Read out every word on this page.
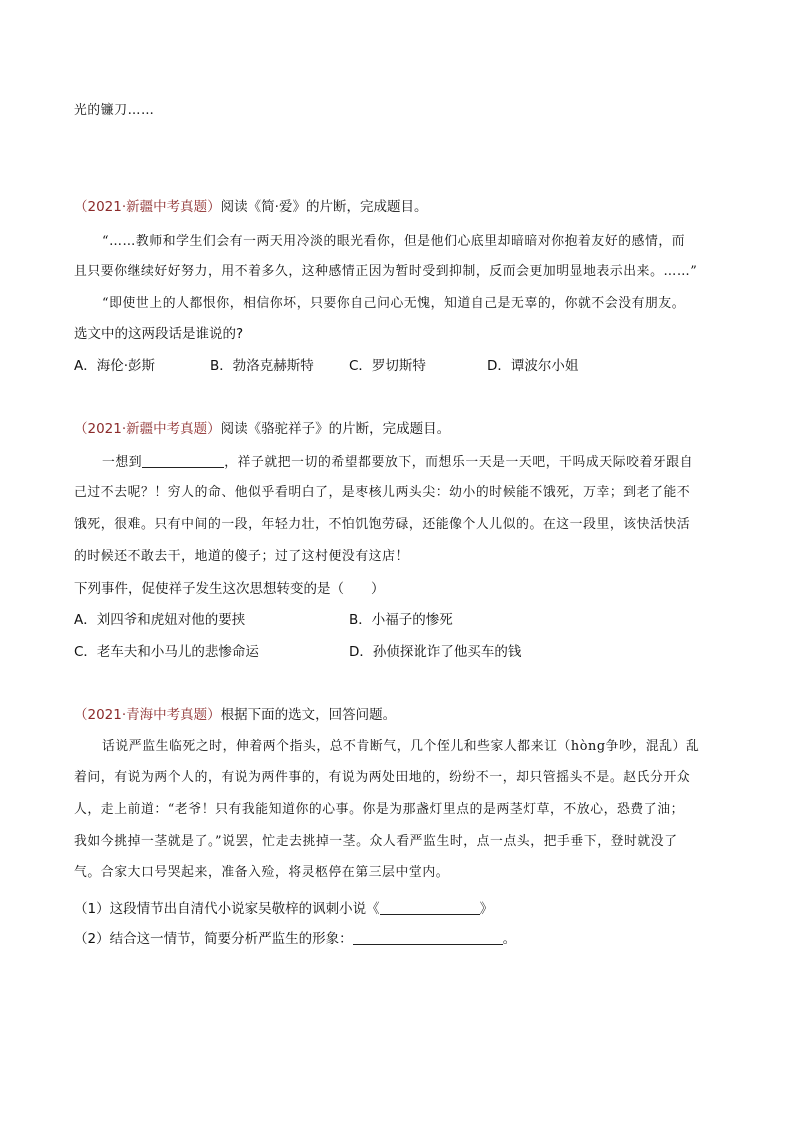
光的镰刀……
（2021·新疆中考真题）阅读《简·爱》的片断，完成题目。
“……教师和学生们会有一两天用冷淡的眼光看你，但是他们心底里却暗暗对你抱着友好的感情，而
且只要你继续好好努力，用不着多久，这种感情正因为暂时受到抑制，反而会更加明显地表示出来。……”
“即使世上的人都恨你，相信你坏，只要你自己问心无愧，知道自己是无辜的，你就不会没有朋友。
选文中的这两段话是谁说的?
A．海伦·彭斯	B．勃洛克赫斯特	C．罗切斯特	D．谭波尔小姐
（2021·新疆中考真题）阅读《骆驼祥子》的片断，完成题目。
一想到	，祥子就把一切的希望都要放下，而想乐一天是一天吧，干吗成天际咬着牙跟自
己过不去呢？！穷人的命、他似乎看明白了，是枣核儿两头尖：幼小的时候能不饿死，万幸；到老了能不
饿死，很难。只有中间的一段，年轻力壮，不怕饥饱劳碌，还能像个人儿似的。在这一段里，该快活快活
的时候还不敢去干，地道的傻子；过了这村便没有这店！
下列事件，促使祥子发生这次思想转变的是（　　）
A．刘四爷和虎妞对他的要挟	B．小福子的惨死
C．老车夫和小马儿的悲惨命运	D．孙侦探讹诈了他买车的钱
（2021·青海中考真题）根据下面的选文，回答问题。
话说严监生临死之时，伸着两个指头，总不肯断气，几个侄儿和些家人都来讧（hòng争吵，混乱）乱
着问，有说为两个人的，有说为两件事的，有说为两处田地的，纷纷不一，却只管摇头不是。赵氏分开众
人，走上前道：“老爷！只有我能知道你的心事。你是为那盏灯里点的是两茎灯草，不放心，恐费了油；
我如今挑掉一茎就是了。”说罢，忙走去挑掉一茎。众人看严监生时，点一点头，把手垂下，登时就没了
气。合家大口号哭起来，准备入殓，将灵柩停在第三层中堂内。
（1）这段情节出自清代小说家吴敬梓的讽刺小说《	》
（2）结合这一情节，简要分析严监生的形象：	。
